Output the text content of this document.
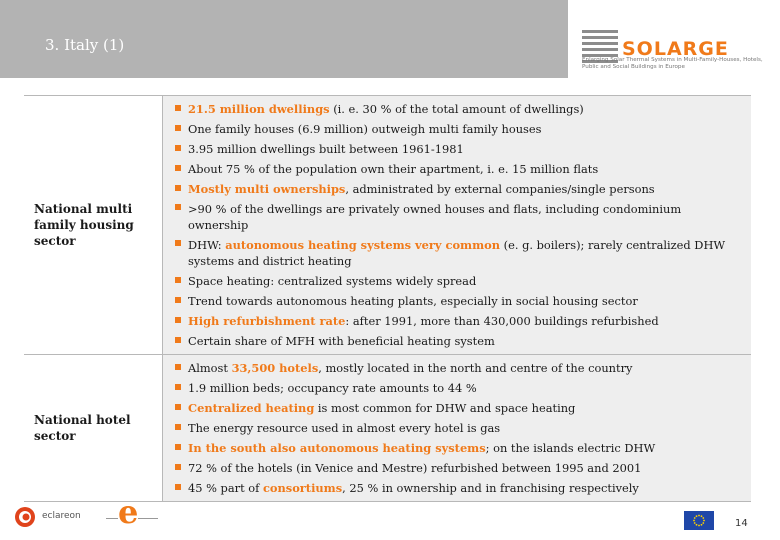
3. Italy (1)	SOLARGE
Enlarging Solar Thermal Systems in Multi-Family-Houses, Hotels, Public and Social Buildings in Europe
National multi family housing sector
21.5 million dwellings (i. e. 30 % of the total amount of dwellings)
One family houses (6.9 million) outweigh multi family houses
3.95 million dwellings built between 1961-1981
About 75 % of the population own their apartment, i. e. 15 million flats
Mostly multi ownerships, administrated by external companies/single persons
>90 % of the dwellings are privately owned houses and flats, including condominium ownership
DHW: autonomous heating systems very common (e. g. boilers); rarely centralized DHW systems and district heating
Space heating: centralized systems widely spread
Trend towards autonomous heating plants, especially in social housing sector
High refurbishment rate: after 1991, more than 430,000 buildings refurbished
Certain share of MFH with beneficial heating system
National hotel sector
Almost 33,500 hotels, mostly located in the north and centre of the country
1.9 million beds; occupancy rate amounts to 44 %
Centralized heating is most common for DHW and space heating
The energy resource used in almost every hotel is gas
In the south also autonomous heating systems; on the islands electric DHW
72 % of the hotels (in Venice and Mestre) refurbished between 1995 and 2001
45 % part of consortiums, 25 % in ownership and in franchising respectively
eclareon e	14
